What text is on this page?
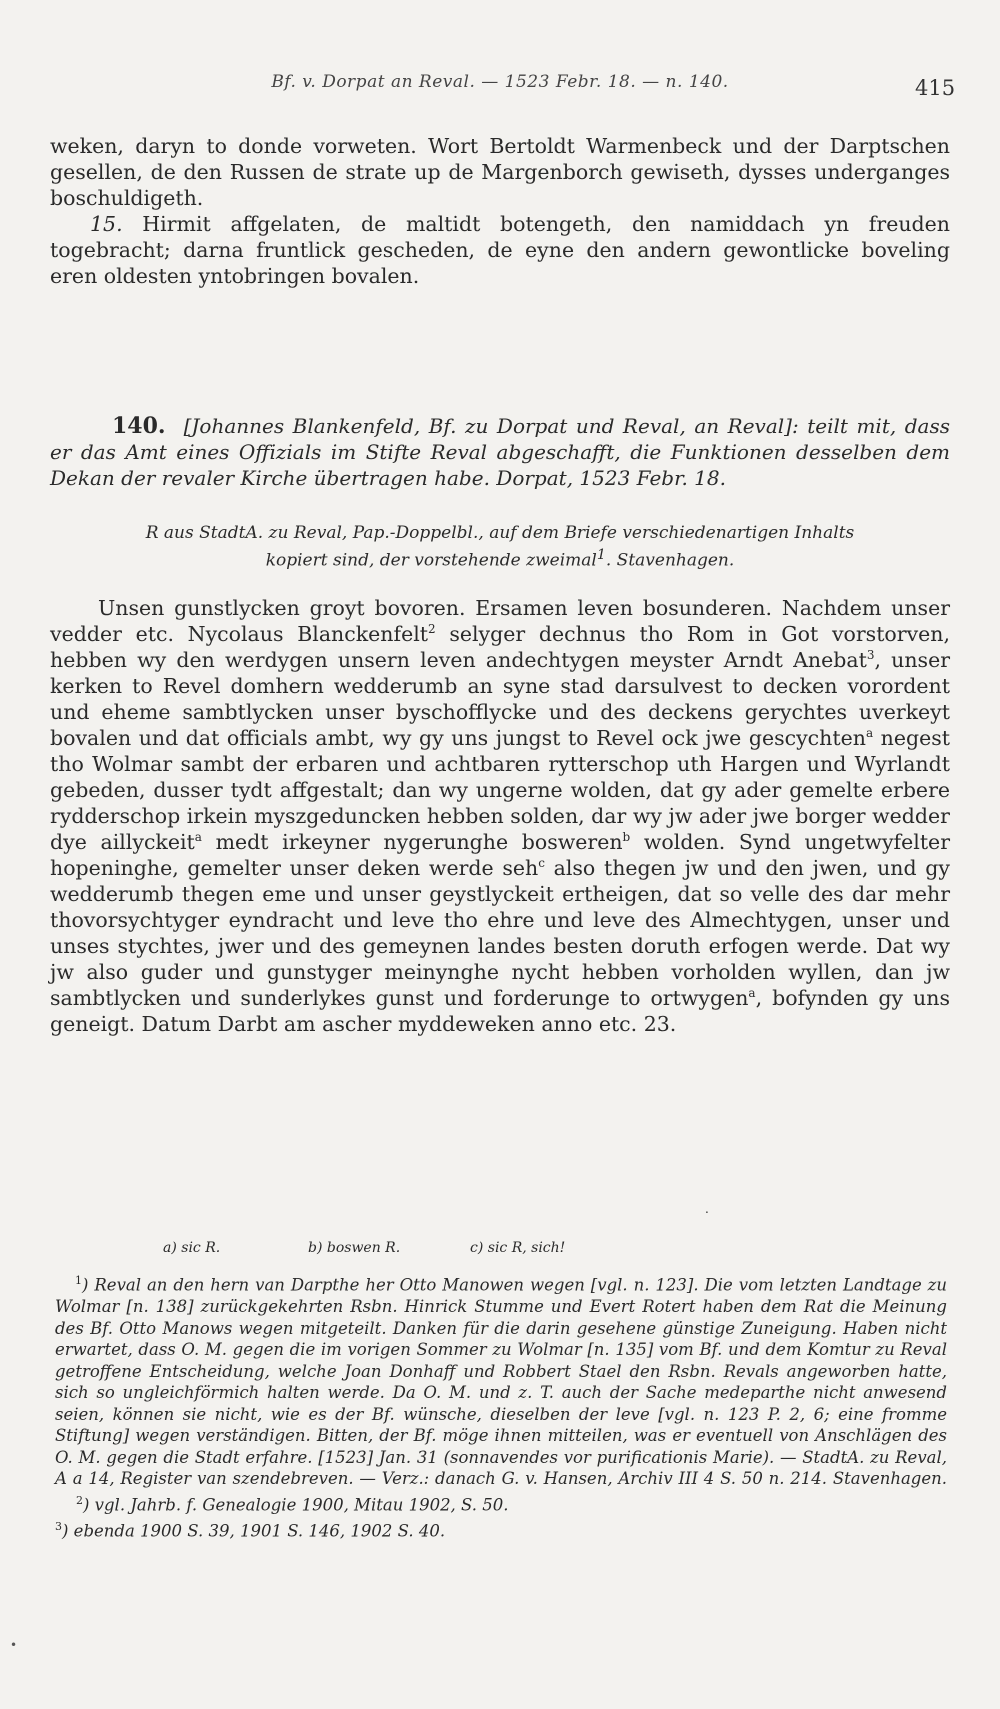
Bf. v. Dorpat an Reval. — 1523 Febr. 18. — n. 140.	415

weken, daryn to donde vorweten. Wort Bertoldt Warmenbeck und der Darptschen gesellen, de den Russen de strate up de Margenborch gewiseth, dysses underganges boschuldigeth.

15. Hirmit affgelaten, de maltidt botengeth, den namiddach yn freuden togebracht; darna fruntlick gescheden, de eyne den andern gewontlicke boveling eren oldesten yntobringen bovalen.

140. [Johannes Blankenfeld, Bf. zu Dorpat und Reval, an Reval]: teilt mit, dass er das Amt eines Offizials im Stifte Reval abgeschafft, die Funktionen desselben dem Dekan der revaler Kirche übertragen habe. Dorpat, 1523 Febr. 18.
R aus StadtA. zu Reval, Pap.-Doppelbl., auf dem Briefe verschiedenartigen Inhalts
kopiert sind, der vorstehende zweimal$^1$. Stavenhagen.

Unsen gunstlycken groyt bovoren. Ersamen leven bosunderen. Nachdem unser vedder etc. Nycolaus Blanckenfelt$^2$ selyger dechnus tho Rom in Got vorstorven, hebben wy den werdygen unsern leven andechtygen meyster Arndt Anebat$^3$, unser kerken to Revel domhern wedderumb an syne stad darsulvest to decken vorordent und eheme sambtlycken unser byschofflycke und des deckens gerychtes uverkeyt bovalen und dat officials ambt, wy gy uns jungst to Revel ock jwe gescychten$^a$ negest tho Wolmar sambt der erbaren und achtbaren rytterschop uth Hargen und Wyrlandt gebeden, dusser tydt affgestalt; dan wy ungerne wolden, dat gy ader gemelte erbere rydderschop irkein myszgeduncken hebben solden, dar wy jw ader jwe borger wedder dye aillyckeit$^a$ medt irkeyner nygerunghe bosweren$^b$ wolden. Synd ungetwyfelter hopeninghe, gemelter unser deken werde seh$^c$ also thegen jw und den jwen, und gy wedderumb thegen eme und unser geystlyckeit ertheigen, dat so velle des dar mehr thovorsychtyger eyndracht und leve tho ehre und leve des Almechtygen, unser und unses stychtes, jwer und des gemeynen landes besten doruth erfogen werde. Dat wy jw also guder und gunstyger meinynghe nycht hebben vorholden wyllen, dan jw sambtlycken und sunderlykes gunst und forderunge to ortwygen$^a$, bofynden gy uns geneigt. Datum Darbt am ascher myddeweken anno etc. 23.

.
a) sic R.	b) boswen R.	c) sic R, sich!

$^1$) Reval an den hern van Darpthe her Otto Manowen wegen [vgl. n. 123]. Die vom letzten Landtage zu Wolmar [n. 138] zurückgekehrten Rsbn. Hinrick Stumme und Evert Rotert haben dem Rat die Meinung des Bf. Otto Manows wegen mitgeteilt. Danken für die darin gesehene günstige Zuneigung. Haben nicht erwartet, dass O. M. gegen die im vorigen Sommer zu Wolmar [n. 135] vom Bf. und dem Komtur zu Reval getroffene Entscheidung, welche Joan Donhaff und Robbert Stael den Rsbn. Revals angeworben hatte, sich so ungleichförmich halten werde. Da O. M. und z. T. auch der Sache medeparthe nicht anwesend seien, können sie nicht, wie es der Bf. wünsche, dieselben der leve [vgl. n. 123 P. 2, 6; eine fromme Stiftung] wegen verständigen. Bitten, der Bf. möge ihnen mitteilen, was er eventuell von Anschlägen des O. M. gegen die Stadt erfahre. [1523] Jan. 31 (sonnavendes vor purificationis Marie). — StadtA. zu Reval, A a 14, Register van szendebreven. — Verz.: danach G. v. Hansen, Archiv III 4 S. 50 n. 214. Stavenhagen.     $^2$) vgl. Jahrb. f. Genealogie 1900, Mitau 1902, S. 50.

$^3$) ebenda 1900 S. 39, 1901 S. 146, 1902 S. 40.

•
